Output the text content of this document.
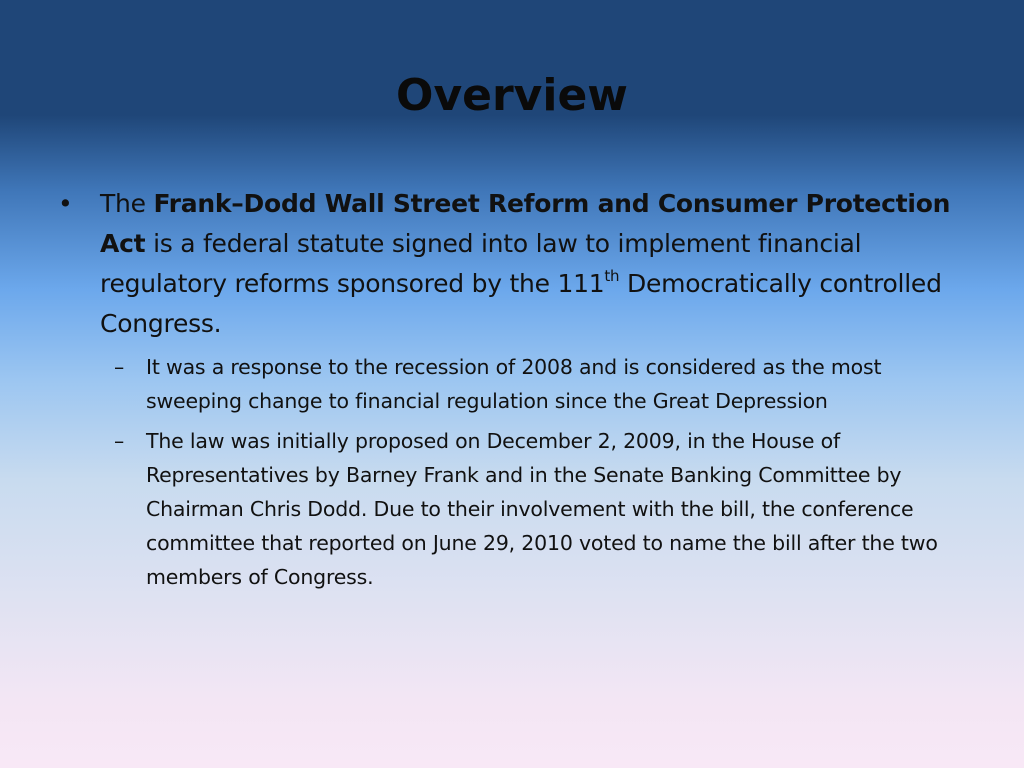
Overview
• The Frank–Dodd Wall Street Reform and Consumer Protection Act is a federal statute signed into law to implement financial regulatory reforms sponsored by the 111th Democratically controlled Congress.
– It was a response to the recession of 2008 and is considered as the most sweeping change to financial regulation since the Great Depression
– The law was initially proposed on December 2, 2009, in the House of Representatives by Barney Frank and in the Senate Banking Committee by Chairman Chris Dodd. Due to their involvement with the bill, the conference committee that reported on June 29, 2010 voted to name the bill after the two members of Congress.
